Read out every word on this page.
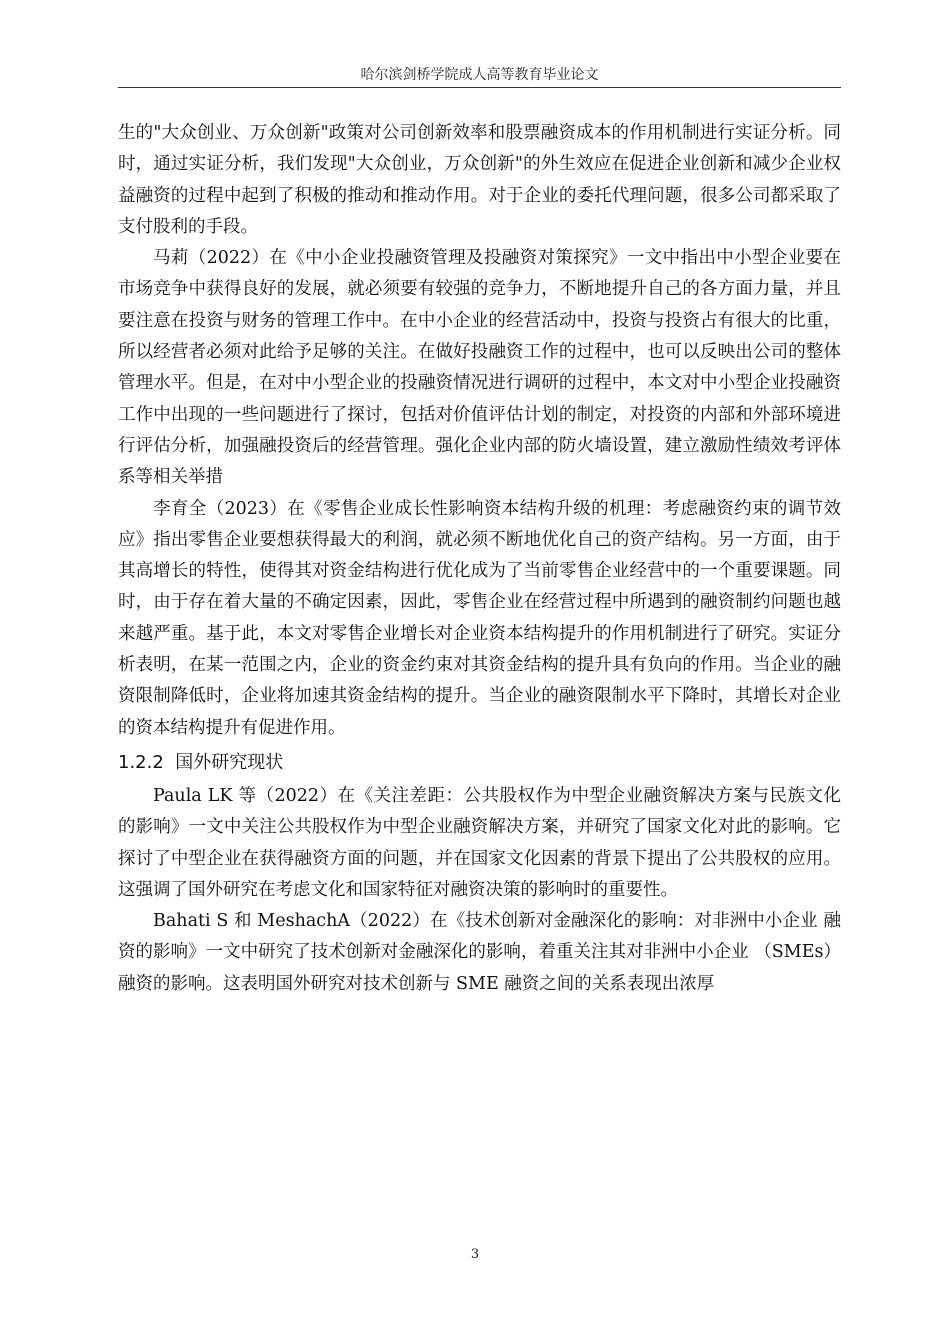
哈尔滨剑桥学院成人高等教育毕业论文

生的"大众创业、万众创新"政策对公司创新效率和股票融资成本的作用机制进行实证分析。同时，通过实证分析，我们发现"大众创业，万众创新"的外生效应在促进企业创新和减少企业权益融资的过程中起到了积极的推动和推动作用。对于企业的委托代理问题，很多公司都采取了支付股利的手段。

马莉（2022）在《中小企业投融资管理及投融资对策探究》一文中指出中小型企业要在市场竞争中获得良好的发展，就必须要有较强的竞争力，不断地提升自己的各方面力量，并且要注意在投资与财务的管理工作中。在中小企业的经营活动中，投资与投资占有很大的比重，所以经营者必须对此给予足够的关注。在做好投融资工作的过程中，也可以反映出公司的整体管理水平。但是，在对中小型企业的投融资情况进行调研的过程中，本文对中小型企业投融资工作中出现的一些问题进行了探讨，包括对价值评估计划的制定，对投资的内部和外部环境进行评估分析，加强融投资后的经营管理。强化企业内部的防火墙设置，建立激励性绩效考评体系等相关举措

李育全（2023）在《零售企业成长性影响资本结构升级的机理：考虑融资约束的调节效应》指出零售企业要想获得最大的利润，就必须不断地优化自己的资产结构。另一方面，由于其高增长的特性，使得其对资金结构进行优化成为了当前零售企业经营中的一个重要课题。同时，由于存在着大量的不确定因素，因此，零售企业在经营过程中所遇到的融资制约问题也越来越严重。基于此，本文对零售企业增长对企业资本结构提升的作用机制进行了研究。实证分析表明，在某一范围之内，企业的资金约束对其资金结构的提升具有负向的作用。当企业的融资限制降低时，企业将加速其资金结构的提升。当企业的融资限制水平下降时，其增长对企业的资本结构提升有促进作用。

1.2.2 国外研究现状

Paula LK 等（2022）在《关注差距：公共股权作为中型企业融资解决方案与民族文化的影响》一文中关注公共股权作为中型企业融资解决方案，并研究了国家文化对此的影响。它探讨了中型企业在获得融资方面的问题，并在国家文化因素的背景下提出了公共股权的应用。这强调了国外研究在考虑文化和国家特征对融资决策的影响时的重要性。

Bahati S 和 MeshachA（2022）在《技术创新对金融深化的影响：对非洲中小企业 融资的影响》一文中研究了技术创新对金融深化的影响，着重关注其对非洲中小企业 （SMEs）融资的影响。这表明国外研究对技术创新与 SME 融资之间的关系表现出浓厚

3
